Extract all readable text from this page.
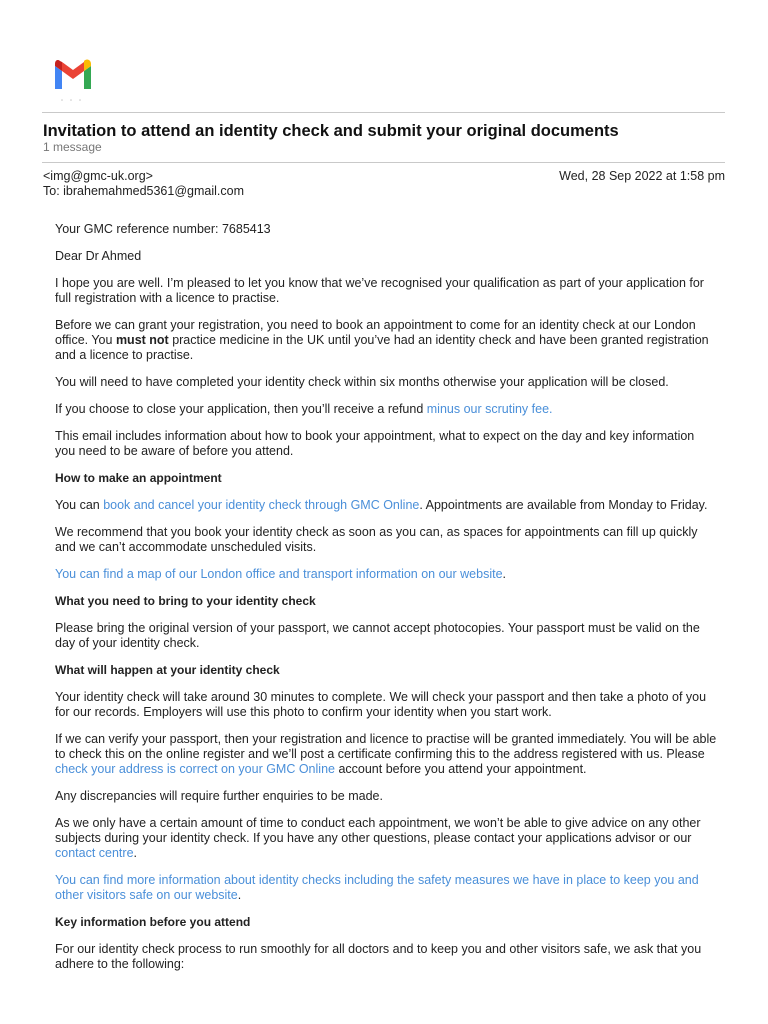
Invitation to attend an identity check and submit your original documents
1 message
<img@gmc-uk.org>	Wed, 28 Sep 2022 at 1:58 pm
To: ibrahemahmed5361@gmail.com

Your GMC reference number: 7685413

Dear Dr Ahmed

I hope you are well. I’m pleased to let you know that we’ve recognised your qualification as part of your application for full registration with a licence to practise.

Before we can grant your registration, you need to book an appointment to come for an identity check at our London office. You must not practice medicine in the UK until you’ve had an identity check and have been granted registration and a licence to practise.

You will need to have completed your identity check within six months otherwise your application will be closed.

If you choose to close your application, then you’ll receive a refund minus our scrutiny fee.

This email includes information about how to book your appointment, what to expect on the day and key information you need to be aware of before you attend.

How to make an appointment

You can book and cancel your identity check through GMC Online. Appointments are available from Monday to Friday.

We recommend that you book your identity check as soon as you can, as spaces for appointments can fill up quickly and we can’t accommodate unscheduled visits.

You can find a map of our London office and transport information on our website.

What you need to bring to your identity check

Please bring the original version of your passport, we cannot accept photocopies. Your passport must be valid on the day of your identity check.

What will happen at your identity check

Your identity check will take around 30 minutes to complete. We will check your passport and then take a photo of you for our records. Employers will use this photo to confirm your identity when you start work.

If we can verify your passport, then your registration and licence to practise will be granted immediately. You will be able to check this on the online register and we’ll post a certificate confirming this to the address registered with us. Please check your address is correct on your GMC Online account before you attend your appointment.

Any discrepancies will require further enquiries to be made.

As we only have a certain amount of time to conduct each appointment, we won’t be able to give advice on any other subjects during your identity check. If you have any other questions, please contact your applications advisor or our contact centre.

You can find more information about identity checks including the safety measures we have in place to keep you and other visitors safe on our website.

Key information before you attend

For our identity check process to run smoothly for all doctors and to keep you and other visitors safe, we ask that you adhere to the following:
